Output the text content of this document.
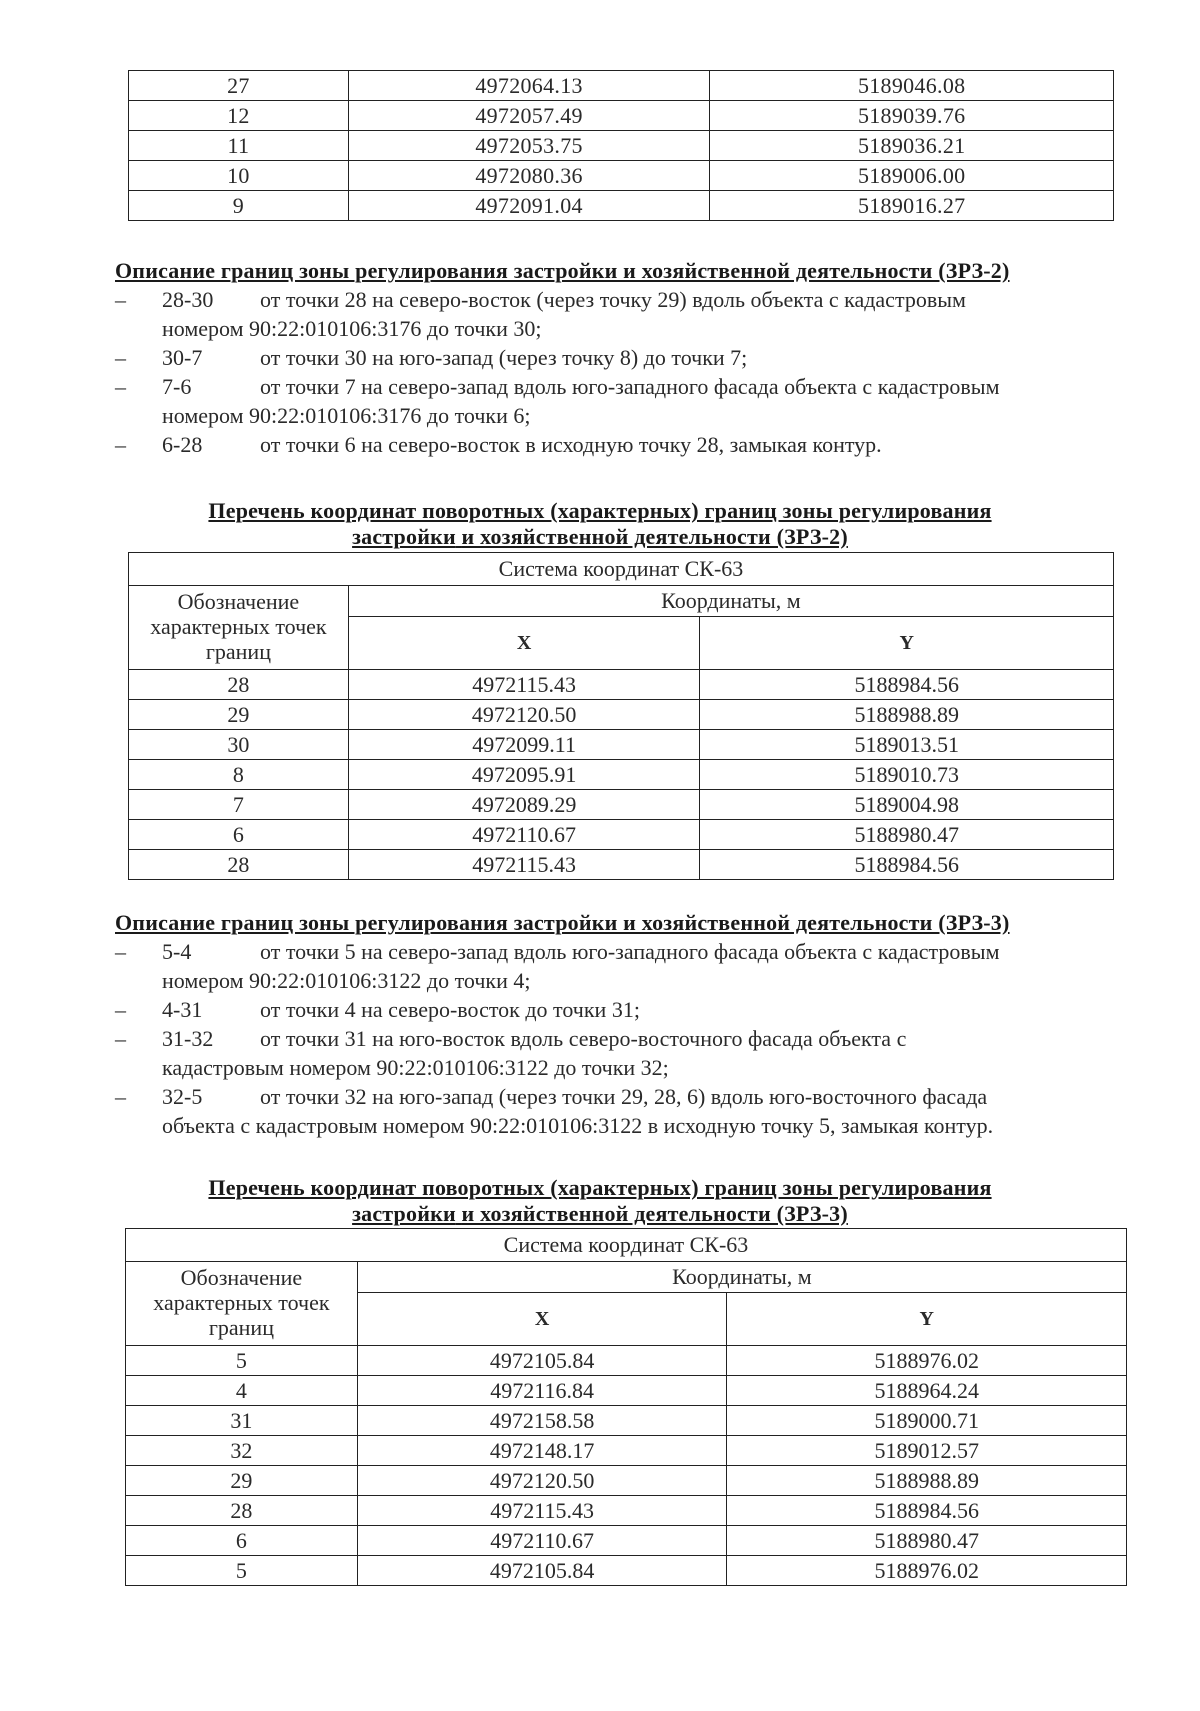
27	4972064.13	5189046.08
12	4972057.49	5189039.76
11	4972053.75	5189036.21
10	4972080.36	5189006.00
9	4972091.04	5189016.27
Описание границ зоны регулирования застройки и хозяйственной деятельности (ЗРЗ-2)
– 28-30 от точки 28 на северо-восток (через точку 29) вдоль объекта с кадастровым
номером 90:22:010106:3176 до точки 30;
– 30-7	от точки 30 на юго-запад (через точку 8) до точки 7;
– 7-6	от точки 7 на северо-запад вдоль юго-западного фасада объекта с кадастровым
номером 90:22:010106:3176 до точки 6;
– 6-28	от точки 6 на северо-восток в исходную точку 28, замыкая контур.
Перечень координат поворотных (характерных) границ зоны регулирования
застройки и хозяйственной деятельности (ЗРЗ-2)
Система координат СК-63		
Обозначение характерных точек границ	Координаты, м	
	X	Y
28	4972115.43	5188984.56
29	4972120.50	5188988.89
30	4972099.11	5189013.51
8	4972095.91	5189010.73
7	4972089.29	5189004.98
6	4972110.67	5188980.47
28	4972115.43	5188984.56
Описание границ зоны регулирования застройки и хозяйственной деятельности (ЗРЗ-3)
– 5-4	от точки 5 на северо-запад вдоль юго-западного фасада объекта с кадастровым
номером 90:22:010106:3122 до точки 4;
– 4-31	от точки 4 на северо-восток до точки 31;
– 31-32 от точки 31 на юго-восток вдоль северо-восточного фасада объекта с
кадастровым номером 90:22:010106:3122 до точки 32;
– 32-5	от точки 32 на юго-запад (через точки 29, 28, 6) вдоль юго-восточного фасада
объекта с кадастровым номером 90:22:010106:3122 в исходную точку 5, замыкая контур.
Перечень координат поворотных (характерных) границ зоны регулирования
застройки и хозяйственной деятельности (ЗРЗ-3)
Система координат СК-63		
Обозначение характерных точек границ	Координаты, м	
	X	Y
5	4972105.84	5188976.02
4	4972116.84	5188964.24
31	4972158.58	5189000.71
32	4972148.17	5189012.57
29	4972120.50	5188988.89
28	4972115.43	5188984.56
6	4972110.67	5188980.47
5	4972105.84	5188976.02
